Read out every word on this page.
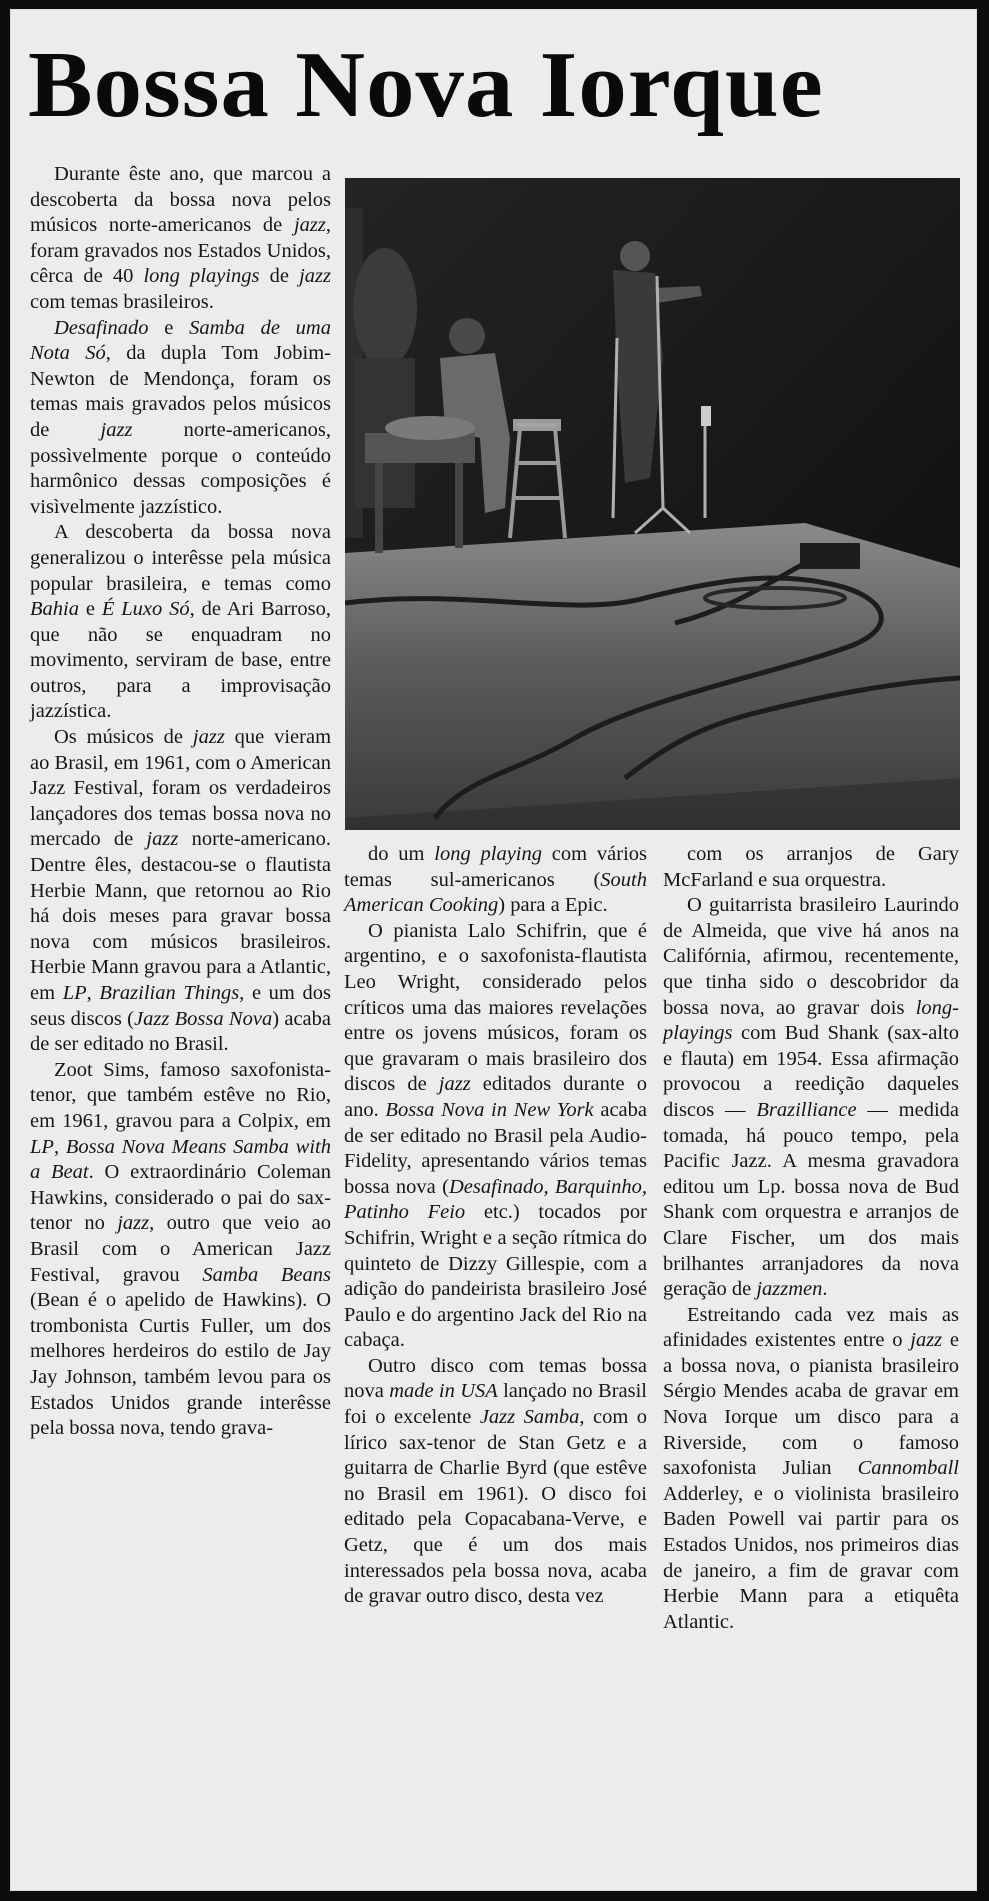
Bossa Nova Iorque

Durante êste ano, que marcou a descoberta da bossa nova pelos músicos norte-americanos de jazz, foram gravados nos Estados Unidos, cêrca de 40 long playings de jazz com temas brasileiros.

Desafinado e Samba de uma Nota Só, da dupla Tom Jobim-Newton de Mendonça, foram os temas mais gravados pelos músicos de jazz norte-americanos, possìvelmente porque o conteúdo harmônico dessas composições é visìvelmente jazzístico.

A descoberta da bossa nova generalizou o interêsse pela música popular brasileira, e temas como Bahia e É Luxo Só, de Ari Barroso, que não se enquadram no movimento, serviram de base, entre outros, para a improvisação jazzística.

Os músicos de jazz que vieram ao Brasil, em 1961, com o American Jazz Festival, foram os verdadeiros lançadores dos temas bossa nova no mercado de jazz norte-americano. Dentre êles, destacou-se o flautista Herbie Mann, que retornou ao Rio há dois meses para gravar bossa nova com músicos brasileiros. Herbie Mann gravou para a Atlantic, em LP, Brazilian Things, e um dos seus discos (Jazz Bossa Nova) acaba de ser editado no Brasil.

Zoot Sims, famoso saxofonista-tenor, que também estêve no Rio, em 1961, gravou para a Colpix, em LP, Bossa Nova Means Samba with a Beat. O extraordinário Coleman Hawkins, considerado o pai do sax-tenor no jazz, outro que veio ao Brasil com o American Jazz Festival, gravou Samba Beans (Bean é o apelido de Hawkins). O trombonista Curtis Fuller, um dos melhores herdeiros do estilo de Jay Jay Johnson, também levou para os Estados Unidos grande interêsse pela bossa nova, tendo grava-

do um long playing com vários temas sul-americanos (South American Cooking) para a Epic.

O pianista Lalo Schifrin, que é argentino, e o saxofonista-flautista Leo Wright, considerado pelos críticos uma das maiores revelações entre os jovens músicos, foram os que gravaram o mais brasileiro dos discos de jazz editados durante o ano. Bossa Nova in New York acaba de ser editado no Brasil pela Audio-Fidelity, apresentando vários temas bossa nova (Desafinado, Barquinho, Patinho Feio etc.) tocados por Schifrin, Wright e a seção rítmica do quinteto de Dizzy Gillespie, com a adição do pandeirista brasileiro José Paulo e do argentino Jack del Rio na cabaça.

Outro disco com temas bossa nova made in USA lançado no Brasil foi o excelente Jazz Samba, com o lírico sax-tenor de Stan Getz e a guitarra de Charlie Byrd (que estêve no Brasil em 1961). O disco foi editado pela Copacabana-Verve, e Getz, que é um dos mais interessados pela bossa nova, acaba de gravar outro disco, desta vez

com os arranjos de Gary McFarland e sua orquestra.

O guitarrista brasileiro Laurindo de Almeida, que vive há anos na Califórnia, afirmou, recentemente, que tinha sido o descobridor da bossa nova, ao gravar dois long-playings com Bud Shank (sax-alto e flauta) em 1954. Essa afirmação provocou a reedição daqueles discos — Brazilliance — medida tomada, há pouco tempo, pela Pacific Jazz. A mesma gravadora editou um Lp. bossa nova de Bud Shank com orquestra e arranjos de Clare Fischer, um dos mais brilhantes arranjadores da nova geração de jazzmen.

Estreitando cada vez mais as afinidades existentes entre o jazz e a bossa nova, o pianista brasileiro Sérgio Mendes acaba de gravar em Nova Iorque um disco para a Riverside, com o famoso saxofonista Julian Cannomball Adderley, e o violinista brasileiro Baden Powell vai partir para os Estados Unidos, nos primeiros dias de janeiro, a fim de gravar com Herbie Mann para a etiquêta Atlantic.
